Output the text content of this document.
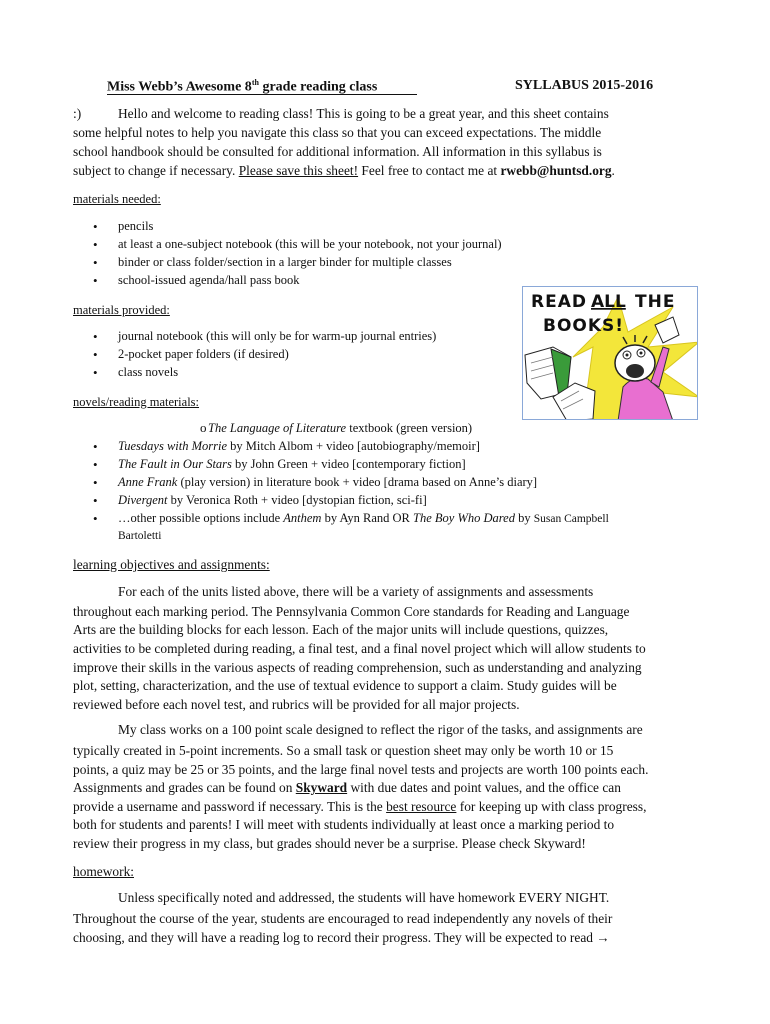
Miss Webb’s Awesome 8th grade reading class	SYLLABUS 2015-2016
:)	Hello and welcome to reading class! This is going to be a great year, and this sheet contains
some helpful notes to help you navigate this class so that you can exceed expectations. The middle
school handbook should be consulted for additional information. All information in this syllabus is
subject to change if necessary. Please save this sheet! Feel free to contact me at rwebb@huntsd.org.
materials needed:
• pencils
• at least a one-subject notebook (this will be your notebook, not your journal)
• binder or class folder/section in a larger binder for multiple classes
• school-issued agenda/hall pass book
materials provided:
• journal notebook (this will only be for warm-up journal entries)
• 2-pocket paper folders (if desired)
• class novels
READ ALL THE
BOOKS!
novels/reading materials:
o The Language of Literature textbook (green version)
• Tuesdays with Morrie by Mitch Albom + video [autobiography/memoir]
• The Fault in Our Stars by John Green + video [contemporary fiction]
• Anne Frank (play version) in literature book + video [drama based on Anne’s diary]
• Divergent by Veronica Roth + video [dystopian fiction, sci-fi]
• …other possible options include Anthem by Ayn Rand OR The Boy Who Dared by Susan Campbell
Bartoletti
learning objectives and assignments:
For each of the units listed above, there will be a variety of assignments and assessments
throughout each marking period. The Pennsylvania Common Core standards for Reading and Language
Arts are the building blocks for each lesson. Each of the major units will include questions, quizzes,
activities to be completed during reading, a final test, and a final novel project which will allow students to
improve their skills in the various aspects of reading comprehension, such as understanding and analyzing
plot, setting, characterization, and the use of textual evidence to support a claim. Study guides will be
reviewed before each novel test, and rubrics will be provided for all major projects.
My class works on a 100 point scale designed to reflect the rigor of the tasks, and assignments are
typically created in 5-point increments. So a small task or question sheet may only be worth 10 or 15
points, a quiz may be 25 or 35 points, and the large final novel tests and projects are worth 100 points each.
Assignments and grades can be found on Skyward with due dates and point values, and the office can
provide a username and password if necessary. This is the best resource for keeping up with class progress,
both for students and parents! I will meet with students individually at least once a marking period to
review their progress in my class, but grades should never be a surprise. Please check Skyward!
homework:
Unless specifically noted and addressed, the students will have homework EVERY NIGHT.
Throughout the course of the year, students are encouraged to read independently any novels of their
choosing, and they will have a reading log to record their progress. They will be expected to read →
